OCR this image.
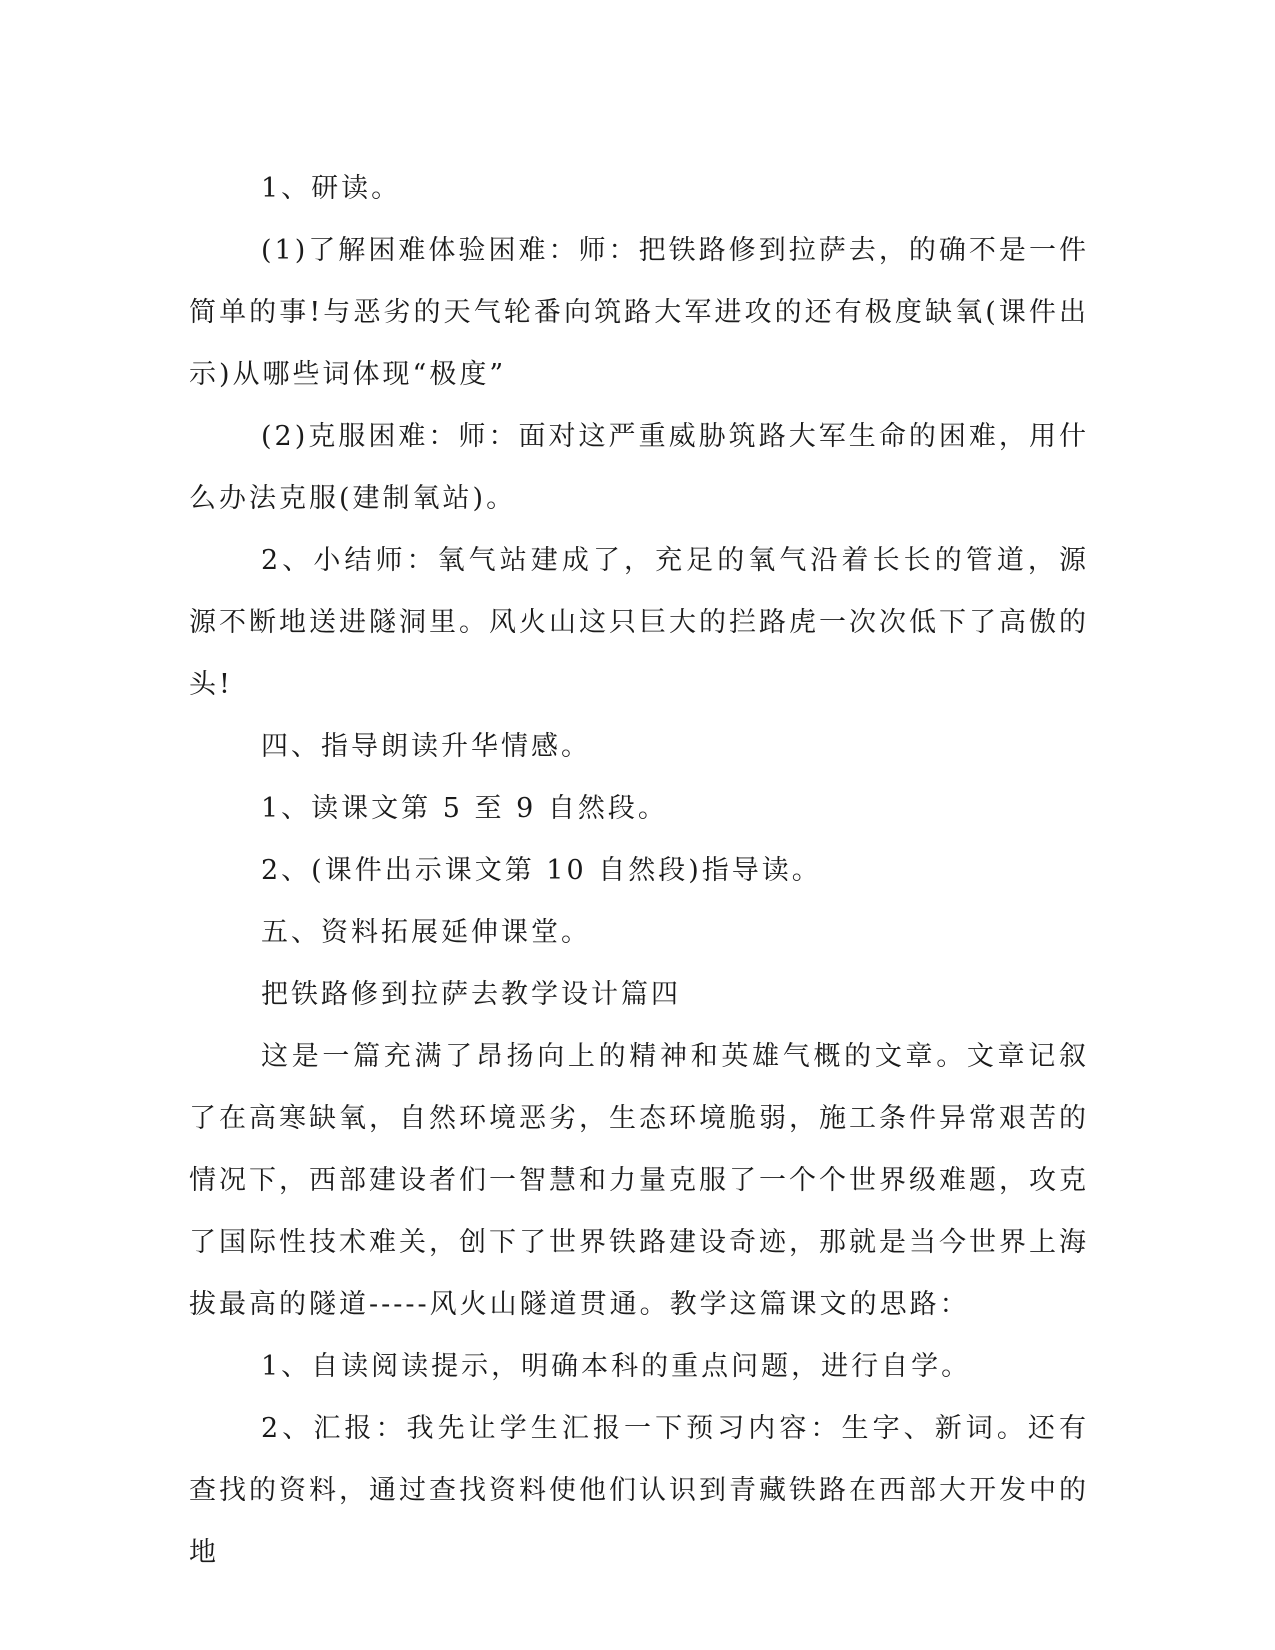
1、研读。

(1)了解困难体验困难：师：把铁路修到拉萨去，的确不是一件简单的事!与恶劣的天气轮番向筑路大军进攻的还有极度缺氧(课件出示)从哪些词体现“极度”

(2)克服困难：师：面对这严重威胁筑路大军生命的困难，用什么办法克服(建制氧站)。

2、小结师：氧气站建成了，充足的氧气沿着长长的管道，源源不断地送进隧洞里。风火山这只巨大的拦路虎一次次低下了高傲的头!

四、指导朗读升华情感。

1、读课文第 5 至 9 自然段。

2、(课件出示课文第 10 自然段)指导读。

五、资料拓展延伸课堂。

把铁路修到拉萨去教学设计篇四

这是一篇充满了昂扬向上的精神和英雄气概的文章。文章记叙了在高寒缺氧，自然环境恶劣，生态环境脆弱，施工条件异常艰苦的情况下，西部建设者们一智慧和力量克服了一个个世界级难题，攻克了国际性技术难关，创下了世界铁路建设奇迹，那就是当今世界上海拔最高的隧道-----风火山隧道贯通。教学这篇课文的思路：

1、自读阅读提示，明确本科的重点问题，进行自学。

2、汇报：我先让学生汇报一下预习内容：生字、新词。还有查找的资料，通过查找资料使他们认识到青藏铁路在西部大开发中的地
